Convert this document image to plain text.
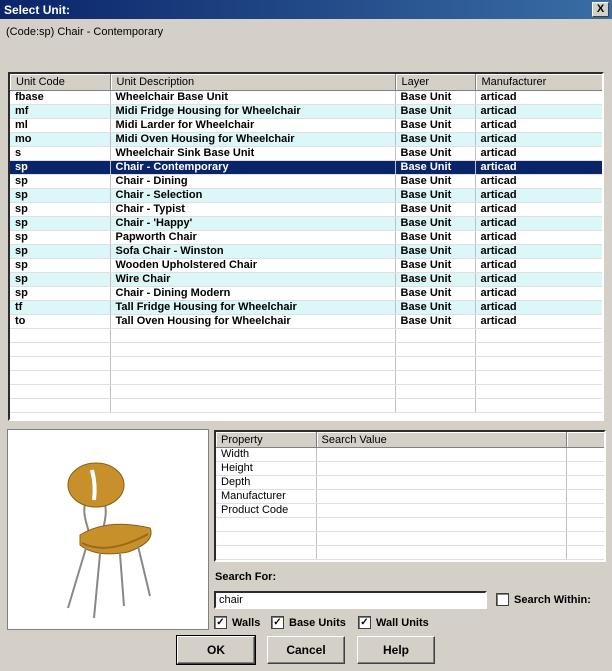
Select Unit:	X
(Code:sp) Chair - Contemporary
Unit Code	Unit Description	Layer	Manufacturer
fbase	Wheelchair Base Unit	Base Unit	articad
mf	Midi Fridge Housing for Wheelchair	Base Unit	articad
ml	Midi Larder for Wheelchair	Base Unit	articad
mo	Midi Oven Housing for Wheelchair	Base Unit	articad
s	Wheelchair Sink Base Unit	Base Unit	articad
sp	Chair - Contemporary	Base Unit	articad
sp	Chair - Dining	Base Unit	articad
sp	Chair - Selection	Base Unit	articad
sp	Chair - Typist	Base Unit	articad
sp	Chair - 'Happy'	Base Unit	articad
sp	Papworth Chair	Base Unit	articad
sp	Sofa Chair - Winston	Base Unit	articad
sp	Wooden Upholstered Chair	Base Unit	articad
sp	Wire Chair	Base Unit	articad
sp	Chair - Dining Modern	Base Unit	articad
tf	Tall Fridge Housing for Wheelchair	Base Unit	articad
to	Tall Oven Housing for Wheelchair	Base Unit	articad

Property	Search Value	
Width		
Height		
Depth		
Manufacturer		
Product Code		

Search For:
chair
Search Within:
✓ Walls ✓ Base Units ✓ Wall Units
OK	Cancel	Help
